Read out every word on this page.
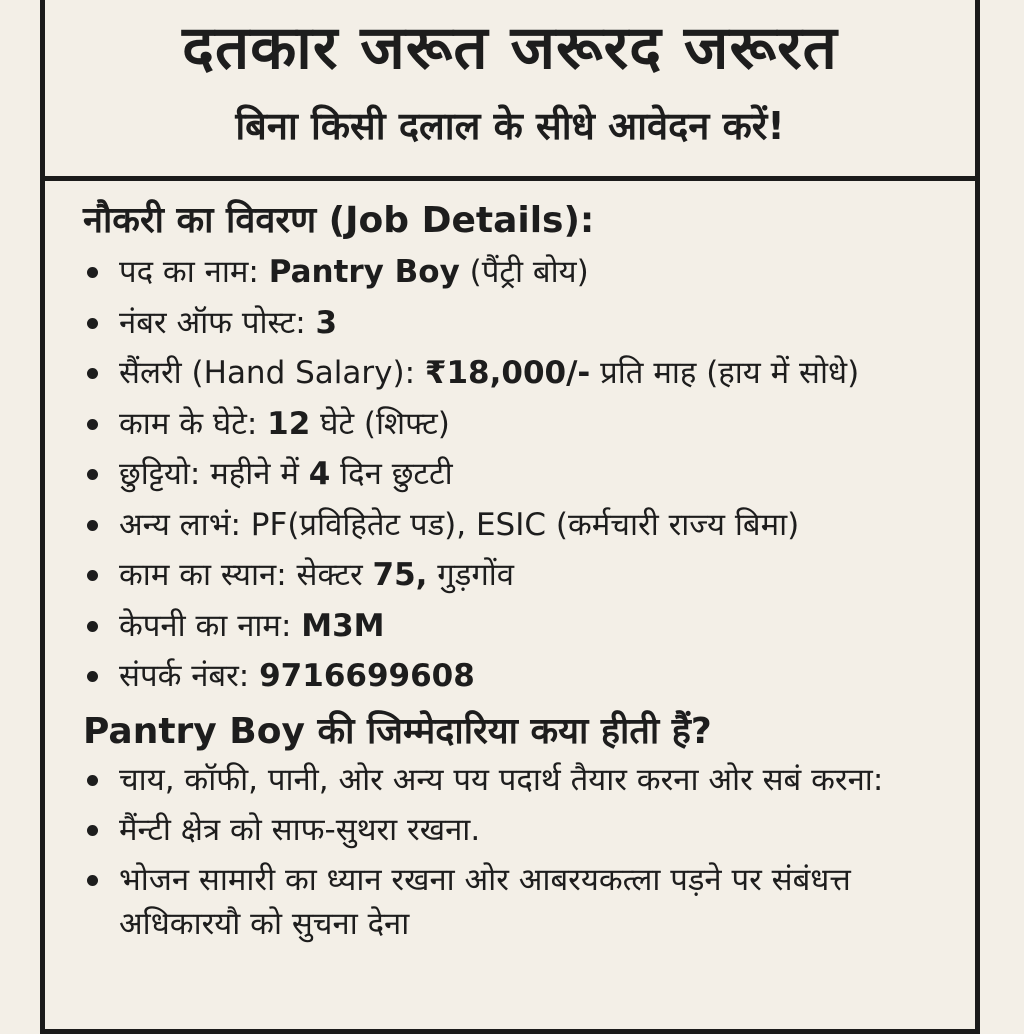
दतकार जरूत जरूरद जरूरत

बिना किसी दलाल के सीधे आवेदन करें!

नौकरी का विवरण (Job Details):
पद का नाम: Pantry Boy (पैंट्री बोय)
नंबर ऑफ पोस्ट: 3
सैंलरी (Hand Salary): ₹18,000/- प्रति माह (हाय में सोधे)
काम के घेटे: 12 घेटे (शिफ्ट)
छुट्टियो: महीने में 4 दिन छुटटी
अन्य लाभं: PF(प्रविहितेट पड), ESIC (कर्मचारी राज्य बिमा)
काम का स्यान: सेक्टर 75, गुड़गोंव
केपनी का नाम: M3M
संपर्क नंबर: 9716699608
Pantry Boy की जिम्मेदारिया कया हीती हैं?
चाय, कॉफी, पानी, ओर अन्य पय पदार्थ तैयार करना ओर सबं करना:
मैंन्टी क्षेत्र को साफ-सुथरा रखना.
भोजन सामारी का ध्यान रखना ओर आबरयकत्ला पड़ने पर संबंधत्त अधिकारयौ को सुचना देना
